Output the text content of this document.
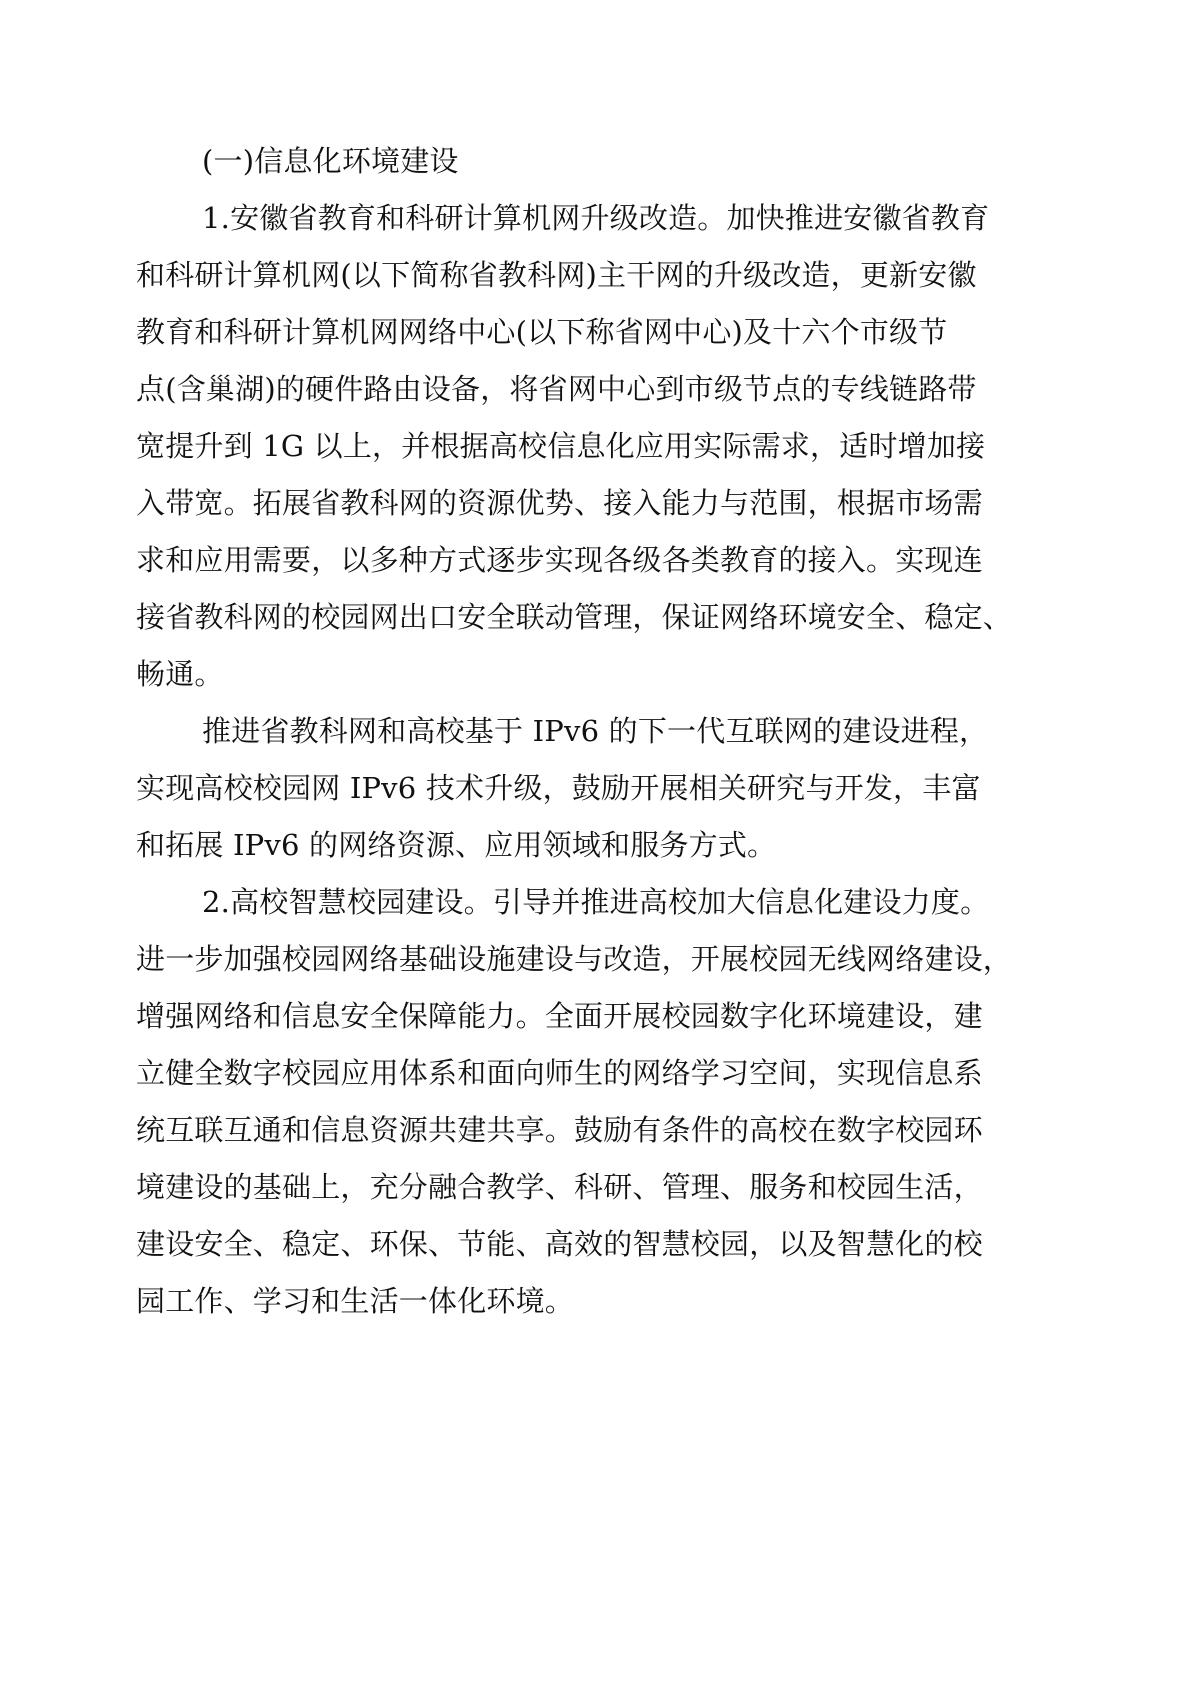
(一)信息化环境建设
1.安徽省教育和科研计算机网升级改造。加快推进安徽省教育
和科研计算机网(以下简称省教科网)主干网的升级改造，更新安徽
教育和科研计算机网网络中心(以下称省网中心)及十六个市级节
点(含巢湖)的硬件路由设备，将省网中心到市级节点的专线链路带
宽提升到 1G 以上，并根据高校信息化应用实际需求，适时增加接
入带宽。拓展省教科网的资源优势、接入能力与范围，根据市场需
求和应用需要，以多种方式逐步实现各级各类教育的接入。实现连
接省教科网的校园网出口安全联动管理，保证网络环境安全、稳定、
畅通。
推进省教科网和高校基于 IPv6 的下一代互联网的建设进程，
实现高校校园网 IPv6 技术升级，鼓励开展相关研究与开发，丰富
和拓展 IPv6 的网络资源、应用领域和服务方式。
2.高校智慧校园建设。引导并推进高校加大信息化建设力度。
进一步加强校园网络基础设施建设与改造，开展校园无线网络建设，
增强网络和信息安全保障能力。全面开展校园数字化环境建设，建
立健全数字校园应用体系和面向师生的网络学习空间，实现信息系
统互联互通和信息资源共建共享。鼓励有条件的高校在数字校园环
境建设的基础上，充分融合教学、科研、管理、服务和校园生活，
建设安全、稳定、环保、节能、高效的智慧校园，以及智慧化的校
园工作、学习和生活一体化环境。
